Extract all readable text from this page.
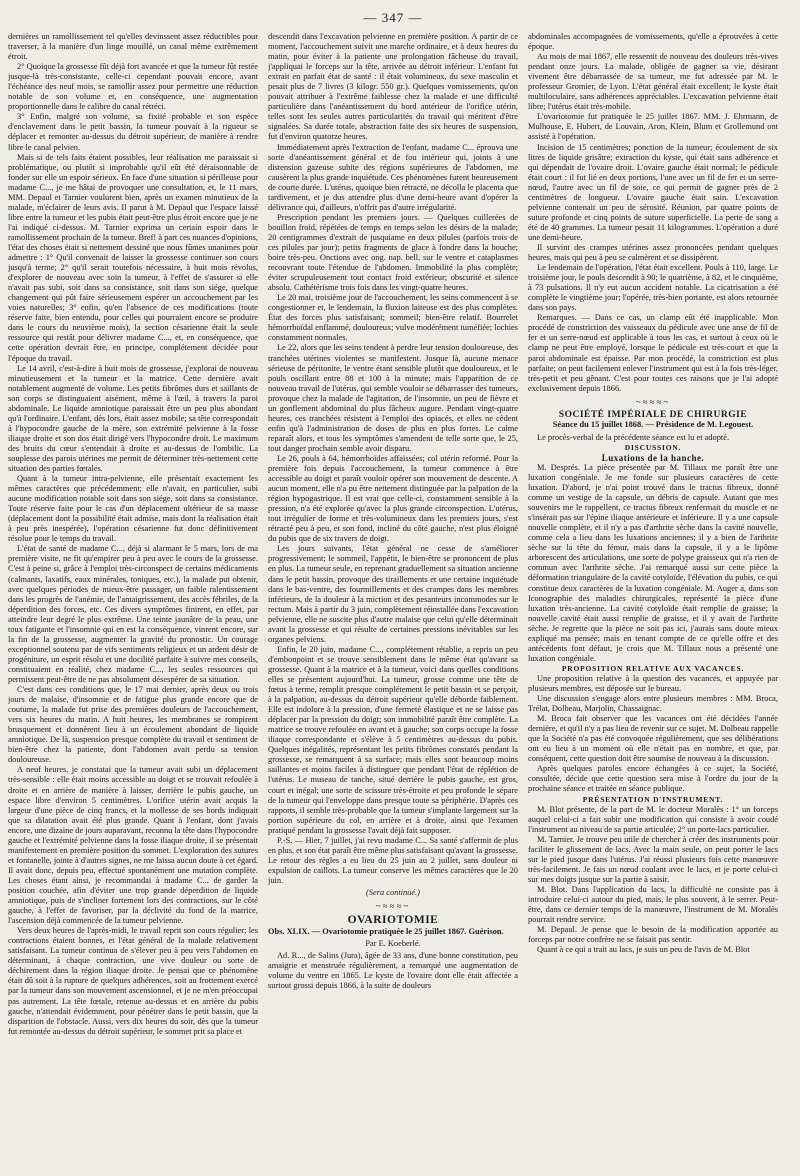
— 347 —

dernières un ramollissement tel qu'elles devinssent assez réductibles pour traverser, à la manière d'un linge mouillé, un canal même extrêmement étroit.

2° Quoique la grossesse fût déjà fort avancée et que la tumeur fût restée jusque-là très-consistante, celle-ci cependant pouvait encore, avant l'échéance des neuf mois, se ramollir assez pour permettre une réduction notable de son volume et, en conséquence, une augmentation proportionnelle dans le calibre du canal rétréci.

3° Enfin, malgré son volume, sa fixité probable et son espèce d'enclavement dans le petit bassin, la tumeur pouvait à la rigueur se déplacer et remonter au-dessus du détroit supérieur, de manière à rendre libre le canal pelvien.

Mais si de tels faits étaient possibles, leur réalisation me paraissait si problématique, ou plutôt si improbable qu'il eût été déraisonnable de fonder sur elle un espoir sérieux. En face d'une situation si périlleuse pour madame C..., je me hâtai de provoquer une consultation, et, le 11 mars, MM. Depaul et Tarnier voulurent bien, après un examen minutieux de la malade, m'éclairer de leurs avis. Il parut à M. Depaul que l'espace laissé libre entre la tumeur et les pubis était peut-être plus étroit encore que je ne l'ai indiqué ci-dessus. M. Tarnier exprima un certain espoir dans le ramollissement prochain de la tumeur. Bref! à part ces nuances d'opinions, l'état des choses était si nettement dessiné que nous fûmes unanimes pour admettre : 1° Qu'il convenait de laisser la grossesse continuer son cours jusqu'à terme; 2° qu'il serait toutefois nécessaire, à huit mois révolus, d'explorer de nouveau avec soin la tumeur, à l'effet de s'assurer si elle n'avait pas subi, soit dans sa consistance, soit dans son siége, quelque changement qui pût faire sérieusement espérer un accouchement par les voies naturelles; 3° enfin, qu'en l'absence de ces modifications (toute réserve faite, bien entendu, pour celles qui pourraient encore se produire dans le cours du neuvième mois), la section césarienne était la seule ressource qui restât pour délivrer madame C..., et, en conséquence, que cette opération devrait être, en principe, complétement décidée pour l'époque du travail.

Le 14 avril, c'est-à-dire à huit mois de grossesse, j'explorai de nouveau minutieusement et la tumeur et la matrice. Cette dernière avait notablement augmenté de volume. Les petits fibrômes durs et saillants de son corps se distinguaient aisément, même à l'œil, à travers la paroi abdominale. Le liquide amniotique paraissait être un peu plus abondant qu'à l'ordinaire. L'enfant, dès lors, était assez mobile; sa tête correspondait à l'hypocondre gauche de la mère, son extrémité pelvienne à la fosse iliaque droite et son dos était dirigé vers l'hypocondre droit. Le maximum des bruits du cœur s'entendait à droite et au-dessus de l'ombilic. La souplesse des parois utérines me permit de déterminer très-nettement cette situation des parties fœtales.

Quant à la tumeur intra-pelvienne, elle présentait exactement les mêmes caractères que précédemment; elle n'avait, en particulier, subi aucune modification notable soit dans son siége, soit dans sa consistance. Toute réserve faite pour le cas d'un déplacement ultérieur de sa masse (déplacement dont la possibilité était admise, mais dont la réalisation était à peu près inespérée), l'opération césarienne fut donc définitivement résolue pour le temps du travail.

L'état de santé de madame C..., déjà si alarmant le 5 mars, lors de ma première visite, ne fit qu'empirer peu à peu avec le cours de la grossesse. C'est à peine si, grâce à l'emploi très-circonspect de certains médicaments (calmants, laxatifs, eaux minérales, toniques, etc.), la malade put obtenir, avec quelques périodes de mieux-être passager, un faible ralentissement dans les progrès de l'anémie, de l'amaigrissement, des accès fébriles, de la déperdition des forces, etc. Ces divers symptômes finirent, en effet, par atteindre leur degré le plus extrême. Une teinte jaunâtre de la peau, une toux fatigante et l'insomnie qui en est la conséquence, vinrent encore, sur la fin de la grossesse, augmenter la gravité du pronostic. Un courage exceptionnel soutenu par de vifs sentiments religieux et un ardent désir de progéniture, un esprit résolu et une docilité parfaite à suivre mes conseils, constituaient en réalité, chez madame C..., les seules ressources qui permissent peut-être de ne pas absolument désespérer de sa situation.

C'est dans ces conditions que, le 17 mai dernier, après deux ou trois jours de malaise, d'insomnie et de fatigue plus grande encore que de coutume, la malade fut prise des premières douleurs de l'accouchement, vers six heures du matin. A huit heures, les membranes se rompirent brusquement et donnèrent lieu à un écoulement abondant de liquide amniotique. De là, suspension presque complète du travail et sentiment de bien-être chez la patiente, dont l'abdomen avait perdu sa tension douloureuse.

A neuf heures, je constatai que la tumeur avait subi un déplacement très-sensible : elle était moins accessible au doigt et se trouvait refoulée à droite et en arrière de manière à laisser, derrière le pubis gauche, un espace libre d'environ 5 centimètres. L'orifice utérin avait acquis la largeur d'une pièce de cinq francs, et la mollesse de ses bords indiquait que sa dilatation avait été plus grande. Quant à l'enfant, dont j'avais encore, une dizaine de jours auparavant, reconnu la tête dans l'hypocondre gauche et l'extrémité pelvienne dans la fosse iliaque droite, il se présentait manifestement en première position du sommet. L'exploration des sutures et fontanelle, jointe à d'autres signes, ne me laissa aucun doute à cet égard. Il avait donc, depuis peu, effectué spontanément une mutation complète. Les choses étant ainsi, je recommandai à madame C... de garder la position couchée, afin d'éviter une trop grande déperdition de liquide amniotique, puis de s'incliner fortement lors des contractions, sur le côté gauche, à l'effet de favoriser, par la déclivité du fond de la matrice, l'ascension déjà commencée de la tumeur pelvienne.

Vers deux heures de l'après-midi, le travail reprit son cours régulier; les contractions étaient bonnes, et l'état général de la malade relativement satisfaisant. La tumeur continua de s'élever peu à peu vers l'abdomen en déterminant, à chaque contraction, une vive douleur ou sorte de déchirement dans la région iliaque droite. Je pensai que ce phénomène était dû soit à la rupture de quelques adhérences, soit au frottement exercé par la tumeur dans son mouvement ascensionnel, et je ne m'en préoccupai pas autrement. La tête fœtale, retenue au-dessus et en arrière du pubis gauche, n'attendait évidemment, pour pénétrer dans le petit bassin, que la disparition de l'obstacle. Aussi, vers dix heures du soir, dès que la tumeur fut remontée au-dessus du détroit supérieur, le sommet prit sa place et

descendit dans l'excavation pelvienne en première position. A partir de ce moment, l'accouchement suivit une marche ordinaire, et à deux heures du matin, pour éviter à la patiente une prolongation fâcheuse du travail, j'appliquai le forceps sur la tête, arrivée au détroit inférieur. L'enfant fut extrait en parfait état de santé : il était volumineux, du sexe masculin et pesait plus de 7 livres (3 kilogr. 550 gr.). Quelques vomissements, qu'on pouvait attribuer à l'extrême faiblesse chez la malade et une difficulté particulière dans l'anéantissement du bord antérieur de l'orifice utérin, telles sont les seules autres particularités du travail qui méritent d'être signalées. Sa durée totale, abstraction faite des six heures de suspension, fut d'environ quatorze heures.

Immédiatement après l'extraction de l'enfant, madame C... éprouva une sorte d'anéantissement général et de fou intérieur qui, joints à une distension gazeuse subite des régions supérieures de l'abdomen, me causèrent la plus grande inquiétude. Ces phénomènes furent heureusement de courte durée. L'utérus, quoique bien rétracté, ne décolla le placenta que tardivement, et je dus attendre plus d'une demi-heure avant d'opérer la délivrance qui, d'ailleurs, n'offrit pas d'autre irrégularité.

Prescription pendant les premiers jours. — Quelques cuillerées de bouillon froid, répétées de temps en temps selon les désirs de la malade; 20 centigrammes d'extrait de jusquiame en deux pilules (parfois trois de ces pilules par jour); petits fragments de glace à fondre dans la bouche; boire très-peu. Onctions avec ong. nap. bell. sur le ventre et cataplasmes recouvrant toute l'étendue de l'abdomen. Immobilité la plus complète; éviter scrupuleusement tout contact froid extérieur; obscurité et silence absolu. Cathétérisme trois fois dans les vingt-quatre heures.

Le 20 mai, troisième jour de l'accouchement, les seins commencent à se congestionner et, le lendemain, la fluxion laiteuse est des plus complètes. État des forces plus satisfaisant; sommeil; bien-être relatif. Bourrelet hémorrhoïdal enflammé, douloureux; vulve modérément tuméfiée; lochies constamment normales.

Le 22, alors que les seins tendent à perdre leur tension douloureuse, des tranchées utérines violentes se manifestent. Jusque là, aucune menace sérieuse de péritonite, le ventre étant sensible plutôt que douloureux, et le pouls oscillant entre 88 et 100 à la minute; mais l'apparition de ce nouveau travail de l'utérus, qui semble vouloir se débarrasser des tumeurs, provoque chez la malade de l'agitation, de l'insomnie, un peu de fièvre et un gonflement abdominal du plus fâcheux augure. Pendant vingt-quatre heures, ces tranchées résistent à l'emploi des opiacés, et elles ne cèdent enfin qu'à l'administration de doses de plus en plus fortes. Le calme reparaît alors, et tous les symptômes s'amendent de telle sorte que, le 25, tout danger prochain semble avoir disparu.

Le 26, pouls à 64, hémorrhoïdes affaissées; col utérin reformé. Pour la première fois depuis l'accouchement, la tumeur commence à être accessible au doigt et paraît vouloir opérer son mouvement de descente. A aucun moment, elle n'a pu être nettement distinguée par la palpation de la région hypogastrique. Il est vrai que celle-ci, constamment sensible à la pression, n'a été explorée qu'avec la plus grande circonspection. L'utérus, tout irrégulier de forme et très-volumineux dans les premiers jours, s'est rétracté peu à peu, et son fond, incliné du côté gauche, n'est plus éloigné du pubis que de six travers de doigt.

Les jours suivants, l'état général ne cesse de s'améliorer progressivement; le sommeil, l'appétit, le bien-être se prononcent de plus en plus. La tumeur seule, en reprenant graduellement sa situation ancienne dans le petit bassin, provoque des tiraillements et une certaine inquiétude dans le bas-ventre, des fourmillements et des crampes dans les membres inférieurs, de la douleur à la miction et des pesanteurs incommodes sur le rectum. Mais à partir du 3 juin, complètement réinstallée dans l'excavation pelvienne, elle ne suscite plus d'autre malaise que celui qu'elle déterminait avant la grossesse et qui résulte de certaines pressions inévitables sur les organes pelviens.

Enfin, le 20 juin, madame C..., complétement rétablie, a repris un peu d'embonpoint et se trouve sensiblement dans le même état qu'avant sa grossesse. Quant à la matrice et à la tumeur, voici dans quelles conditions elles se présentent aujourd'hui. La tumeur, grosse comme une tête de fœtus à terme, remplit presque complétement le petit bassin et se perçoit, à la palpation, au-dessus du détroit supérieur qu'elle déborde faiblement. Elle est indolore à la pression, d'une fermeté élastique et ne se laisse pas déplacer par la pression du doigt; son immobilité paraît être complète. La matrice se trouve refoulée en avant et à gauche; son corps occupe la fosse iliaque correspondante et s'élève à 5 centimètres au-dessus du pubis. Quelques inégalités, représentant les petits fibrômes constatés pendant la grossesse, se remarquent à sa surface; mais elles sont beaucoup moins saillantes et moins faciles à distinguer que pendant l'état de réplétion de l'utérus. Le museau de tanche, situé derrière le pubis gauche, est gros, court et inégal; une sorte de scissure très-étroite et peu profonde le sépare de la tumeur qui l'enveloppe dans presque toute sa périphérie. D'après ces rapports, il semble très-probable que la tumeur s'implante largement sur la portion supérieure du col, en arrière et à droite, ainsi que l'examen pratiqué pendant la grossesse l'avait déjà fait supposer.

P.-S. — Hier, 7 juillet, j'ai revu madame C... Sa santé s'affermit de plus en plus, et son état paraît être même plus satisfaisant qu'avant la grossesse. Le retour des règles a eu lieu du 25 juin au 2 juillet, sans douleur ni expulsion de caillots. La tumeur conserve les mêmes caractères que le 20 juin.

(Sera continué.)

~≈≈≈~

OVARIOTOMIE

Obs. XLIX. — Ovariotomie pratiquée le 25 juillet 1867. Guérison.

Par E. Koeberlé.

Ad. R..., de Salins (Jura), âgée de 33 ans, d'une bonne constitution, peu amaigrie et menstruée régulièrement, a remarqué une augmentation de volume du ventre en 1865. Le kyste de l'ovaire dont elle était affectée a surtout grossi depuis 1866, à la suite de douleurs

abdominales accompagnées de vomissements, qu'elle a éprouvées à cette époque.

Au mois de mai 1867, elle ressentit de nouveau des douleurs très-vives pendant onze jours. La malade, obligée de gagner sa vie, désirant vivement être débarrassée de sa tumeur, me fut adressée par M. le professeur Gromier, de Lyon. L'état général était excellent; le kyste était multiloculaire, sans adhérences appréciables. L'excavation pelvienne était libre; l'utérus était très-mobile.

L'ovariotomie fut pratiquée le 25 juillet 1867. MM. J. Ehrmann, de Mulhouse, E. Hubert, de Louvain, Aron, Klein, Blum et Grollemund ont assisté à l'opération.

Incision de 15 centimètres; ponction de la tumeur; écoulement de six litres de liquide grisâtre; extraction du kyste, qui était sans adhérence et qui dépendait de l'ovaire droit. L'ovaire gauche était normal; le pédicule était court : il fut lié en deux portions, l'une avec un fil de fer et un serre-nœud, l'autre avec un fil de soie, ce qui permit de gagner près de 2 centimètres de longueur. L'ovaire gauche était sain. L'excavation pelvienne contenait un peu de sérosité. Réunion, par quatre points de suture profonde et cinq points de suture superficielle. La perte de sang a été de 40 grammes. La tumeur pesait 11 kilogrammes. L'opération a duré une demi-heure.

Il survint des crampes utérines assez prononcées pendant quelques heures, mais qui peu à peu se calmèrent et se dissipèrent.

Le lendemain de l'opération, l'état était excellent. Pouls à 110, large. Le troisième jour, le pouls descendit à 90; le quatrième, à 82, et le cinquième, à 73 pulsations. Il n'y eut aucun accident notable. La cicatrisation a été complète le vingtième jour; l'opérée, très-bien portante, est alors retournée dans son pays.

Remarques. — Dans ce cas, un clamp eût été inapplicable. Mon procédé de constriction des vaisseaux du pédicule avec une anse de fil de fer et un serre-nœud est applicable à tous les cas, et surtout à ceux où le clamp ne peut être employé, lorsque le pédicule est très-court et que la paroi abdominale est épaisse. Par mon procédé, la constriction est plus parfaite; on peut facilement enlever l'instrument qui est à la fois très-léger, très-petit et peu gênant. C'est pour toutes ces raisons que je l'ai adopté exclusivement depuis 1866.

~≈≈≈~

SOCIÉTÉ IMPÉRIALE DE CHIRURGIE

Séance du 15 juillet 1868. — Présidence de M. Legouest.

Le procès-verbal de la précédente séance est lu et adopté.

DISCUSSION.

Luxations de la hanche.

M. Després. La pièce présentée par M. Tillaux me paraît être une luxation congéniale. Je me fonde sur plusieurs caractères de cette luxation. D'abord, je n'ai point trouvé dans le tractus fibreux, donné comme un vestige de la capsule, un débris de capsule. Autant que mes souvenirs me le rappellent, ce tractus fibreux renfermait du muscle et ne s'insérait pas sur l'épine iliaque antérieure et inférieure. Il y a une capsule nouvelle complète, et il n'y a pas d'arthrite sèche dans la cavité nouvelle, comme cela a lieu dans les luxations anciennes; il y a bien de l'arthrite sèche sur la tête du fémur, mais dans la capsule, il y a le lipôme arborescent des articulations, une sorte de polype graisseux qui n'a rien de commun avec l'arthrite sèche. J'ai remarqué aussi sur cette pièce la déformation triangulaire de la cavité cotyloïde, l'élévation du pubis, ce qui constitue deux caractères de la luxation congéniale. M. Auger a, dans son Iconographie des maladies chirurgicales, représenté la pièce d'une luxation très-ancienne. La cavité cotyloïde était remplie de graisse; la nouvelle cavité était aussi remplie de graisse, et il y avait de l'arthrite sèche. Je regrette que la pièce ne soit pas ici, j'aurais sans doute mieux expliqué ma pensée; mais en tenant compte de ce qu'elle offre et des antécédents font défaut, je crois que M. Tillaux nous a présenté une luxation congéniale.

PROPOSITION RELATIVE AUX VACANCES.

Une proposition relative à la question des vacances, et appuyée par plusieurs membres, est déposée sur le bureau.

Une discussion s'engage alors entre plusieurs membres : MM. Broca, Trélat, Dolbeau, Marjolin, Chassaignac.

M. Broca fait observer que les vacances ont été décidées l'année dernière, et qu'il n'y a pas lieu de revenir sur ce sujet. M. Dolbeau rappelle que la Société n'a pas été convoquée régulièrement, que ses délibérations ont eu lieu à un moment où elle n'était pas en nombre, et que, par conséquent, cette question doit être soumise de nouveau à la discussion.

Après quelques paroles encore échangées à ce sujet, la Société, consultée, décide que cette question sera mise à l'ordre du jour de la prochaine séance et traitée en séance publique.

PRÉSENTATION D'INSTRUMENT.

M. Blot présente, de la part de M. le docteur Moralès : 1° un forceps auquel celui-ci a fait subir une modification qui consiste à avoir coudé l'instrument au niveau de sa partie articulée; 2° un porte-lacs particulier.

M. Tarnier. Je trouve peu utile de chercher à créer des instruments pour faciliter le glissement de lacs. Avec la main seule, on peut porter le lacs sur le pied jusque dans l'utérus. J'ai réussi plusieurs fois cette manœuvre très-facilement. Je fais un nœud coulant avec le lacs, et je porte celui-ci sur mes doigts jusque sur la partie à saisir.

M. Blot. Dans l'application du lacs, la difficulté ne consiste pas à introduire celui-ci autour du pied, mais, le plus souvent, à le serrer. Peut-être, dans ce dernier temps de la manœuvre, l'instrument de M. Moralès pourrait rendre service.

M. Depaul. Je pense que le besoin de la modification apportée au forceps par notre confrère ne se faisait pas sentir.

Quant à ce qui a trait au lacs, je suis un peu de l'avis de M. Blot
